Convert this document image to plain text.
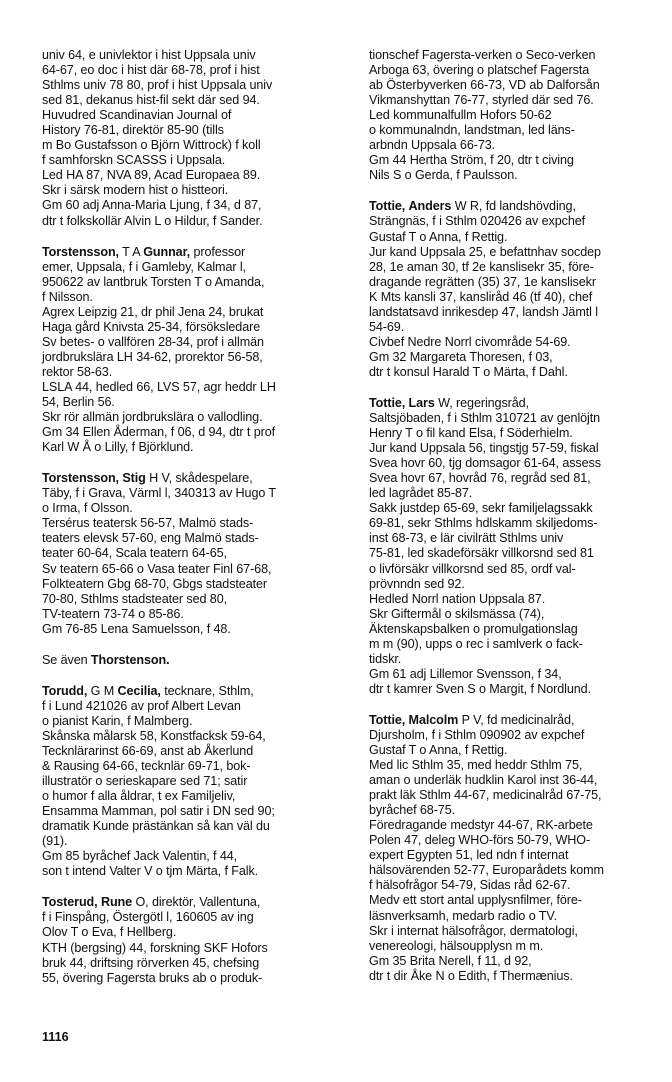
univ 64, e univlektor i hist Uppsala univ
64-67, eo doc i hist där 68-78, prof i hist
Sthlms univ 78 80, prof i hist Uppsala univ
sed 81, dekanus hist-fil sekt där sed 94.
Huvudred Scandinavian Journal of
History 76-81, direktör 85-90 (tills
m Bo Gustafsson o Björn Wittrock) f koll
f samhforskn SCASSS i Uppsala.
Led HA 87, NVA 89, Acad Europaea 89.
Skr i särsk modern hist o histteori.
Gm 60 adj Anna-Maria Ljung, f 34, d 87,
dtr t folkskollär Alvin L o Hildur, f Sander.
Torstensson, T A Gunnar, professor
emer, Uppsala, f i Gamleby, Kalmar l,
950622 av lantbruk Torsten T o Amanda,
f Nilsson.
Agrex Leipzig 21, dr phil Jena 24, brukat
Haga gård Knivsta 25-34, försöksledare
Sv betes- o vallfören 28-34, prof i allmän
jordbrukslära LH 34-62, prorektor 56-58,
rektor 58-63.
LSLA 44, hedled 66, LVS 57, agr heddr LH
54, Berlin 56.
Skr rör allmän jordbrukslära o vallodling.
Gm 34 Ellen Åderman, f 06, d 94, dtr t prof
Karl W Å o Lilly, f Björklund.
Torstensson, Stig H V, skådespelare,
Täby, f i Grava, Värml l, 340313 av Hugo T
o Irma, f Olsson.
Tersérus teatersk 56-57, Malmö stads-
teaters elevsk 57-60, eng Malmö stads-
teater 60-64, Scala teatern 64-65,
Sv teatern 65-66 o Vasa teater Finl 67-68,
Folkteatern Gbg 68-70, Gbgs stadsteater
70-80, Sthlms stadsteater sed 80,
TV-teatern 73-74 o 85-86.
Gm 76-85 Lena Samuelsson, f 48.
Se även Thorstenson.
Torudd, G M Cecilia, tecknare, Sthlm,
f i Lund 421026 av prof Albert Levan
o pianist Karin, f Malmberg.
Skånska målarsk 58, Konstfacksk 59-64,
Tecknlärarinst 66-69, anst ab Åkerlund
& Rausing 64-66, tecknlär 69-71, bok-
illustratör o serieskapare sed 71; satir
o humor f alla åldrar, t ex Familjeliv,
Ensamma Mamman, pol satir i DN sed 90;
dramatik Kunde prästänkan så kan väl du
(91).
Gm 85 byråchef Jack Valentin, f 44,
son t intend Valter V o tjm Märta, f Falk.
Tosterud, Rune O, direktör, Vallentuna,
f i Finspång, Östergötl l, 160605 av ing
Olov T o Eva, f Hellberg.
KTH (bergsing) 44, forskning SKF Hofors
bruk 44, driftsing rörverken 45, chefsing
55, övering Fagersta bruks ab o produk-
tionschef Fagersta-verken o Seco-verken
Arboga 63, övering o platschef Fagersta
ab Österbyverken 66-73, VD ab Dalforsån
Vikmanshyttan 76-77, styrled där sed 76.
Led kommunalfullm Hofors 50-62
o kommunalndn, landstman, led läns-
arbndn Uppsala 66-73.
Gm 44 Hertha Ström, f 20, dtr t civing
Nils S o Gerda, f Paulsson.
Tottie, Anders W R, fd landshövding,
Strängnäs, f i Sthlm 020426 av expchef
Gustaf T o Anna, f Rettig.
Jur kand Uppsala 25, e befattnhav socdep
28, 1e aman 30, tf 2e kanslisekr 35, före-
dragande regrätten (35) 37, 1e kanslisekr
K Mts kansli 37, kansliråd 46 (tf 40), chef
landstatsavd inrikesdep 47, landsh Jämtl l
54-69.
Civbef Nedre Norrl civområde 54-69.
Gm 32 Margareta Thoresen, f 03,
dtr t konsul Harald T o Märta, f Dahl.
Tottie, Lars W, regeringsråd,
Saltsjöbaden, f i Sthlm 310721 av genlöjtn
Henry T o fil kand Elsa, f Söderhielm.
Jur kand Uppsala 56, tingstjg 57-59, fiskal
Svea hovr 60, tjg domsagor 61-64, assess
Svea hovr 67, hovråd 76, regråd sed 81,
led lagrådet 85-87.
Sakk justdep 65-69, sekr familjelagssakk
69-81, sekr Sthlms hdlskamm skiljedoms-
inst 68-73, e lär civilrätt Sthlms univ
75-81, led skadeförsäkr villkorsnd sed 81
o livförsäkr villkorsnd sed 85, ordf val-
prövnndn sed 92.
Hedled Norrl nation Uppsala 87.
Skr Giftermål o skilsmässa (74),
Äktenskapsbalken o promulgationslag
m m (90), upps o rec i samlverk o fack-
tidskr.
Gm 61 adj Lillemor Svensson, f 34,
dtr t kamrer Sven S o Margit, f Nordlund.
Tottie, Malcolm P V, fd medicinalråd,
Djursholm, f i Sthlm 090902 av expchef
Gustaf T o Anna, f Rettig.
Med lic Sthlm 35, med heddr Sthlm 75,
aman o underläk hudklin Karol inst 36-44,
prakt läk Sthlm 44-67, medicinalråd 67-75,
byråchef 68-75.
Föredragande medstyr 44-67, RK-arbete
Polen 47, deleg WHO-förs 50-79, WHO-
expert Egypten 51, led ndn f internat
hälsovärenden 52-77, Europarådets komm
f hälsofrågor 54-79, Sidas råd 62-67.
Medv ett stort antal upplysnfilmer, före-
läsnverksamh, medarb radio o TV.
Skr i internat hälsofrågor, dermatologi,
venereologi, hälsoupplysn m m.
Gm 35 Brita Nerell, f 11, d 92,
dtr t dir Åke N o Edith, f Thermænius.
1116
